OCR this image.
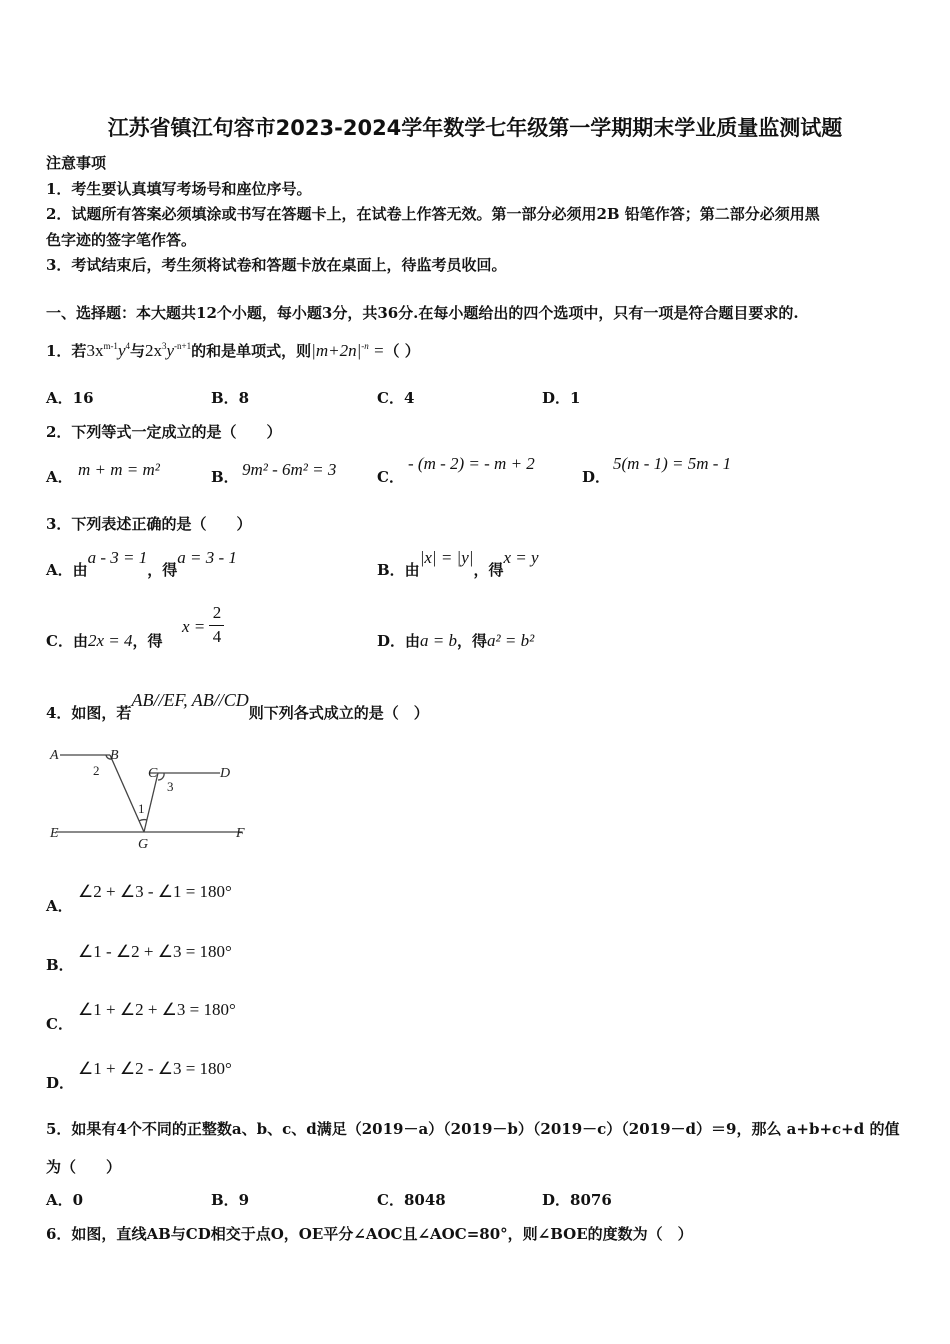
江苏省镇江句容市2023-2024学年数学七年级第一学期期末学业质量监测试题
注意事项
1．考生要认真填写考场号和座位序号。
2．试题所有答案必须填涂或书写在答题卡上，在试卷上作答无效。第一部分必须用2B 铅笔作答；第二部分必须用黑
色字迹的签字笔作答。
3．考试结束后，考生须将试卷和答题卡放在桌面上，待监考员收回。
一、选择题：本大题共12个小题，每小题3分，共36分.在每小题给出的四个选项中，只有一项是符合题目要求的.
1．若$3x^{m-1}y^4$与$2x^3y^{-n+1}$的和是单项式，则$|m+2n|^{-n}$ =（ ）
A．16	B．8	C．4	D．1
2．下列等式一定成立的是（　　）
A． m + m = m²	B． 9m² - 6m² = 3	C．
- (m - 2) = - m + 2
D．
5(m - 1) = 5m - 1
3．下列表述正确的是（　　）
A．由a - 3 = 1，得a = 3 - 1
B．由|x| = |y|，得x = y
C．由2x = 4，得
x =
2
4	D．由a = b，得a² = b²
4．如图，若AB//EF, AB//CD则下列各式成立的是（　）
A	B
C	D
E	F
G
1
2
3
A．
∠2 + ∠3 - ∠1 = 180°
B．
∠1 - ∠2 + ∠3 = 180°
C．
∠1 + ∠2 + ∠3 = 180°
D．
∠1 + ∠2 - ∠3 = 180°
5．如果有4个不同的正整数a、b、c、d满足（2019－a）（2019－b）（2019－c）（2019－d）＝9，那么 a+b+c+d 的值
为（　　）
A．0	B．9	C．8048	D．8076
6．如图，直线AB与CD相交于点O，OE平分∠AOC且∠AOC=80°，则∠BOE的度数为（　）
